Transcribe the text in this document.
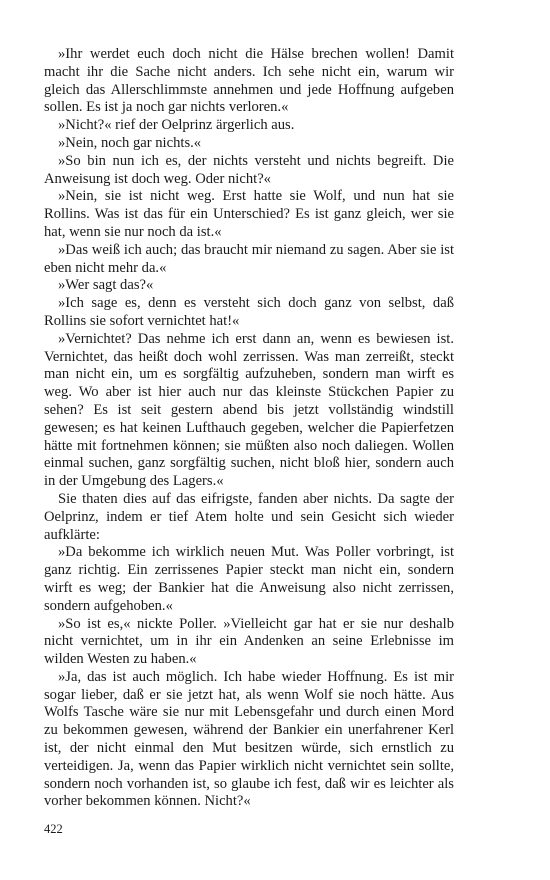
»Ihr werdet euch doch nicht die Hälse brechen wollen! Damit macht ihr die Sache nicht anders. Ich sehe nicht ein, warum wir gleich das Allerschlimmste annehmen und jede Hoffnung aufgeben sollen. Es ist ja noch gar nichts verloren.«

»Nicht?« rief der Oelprinz ärgerlich aus.

»Nein, noch gar nichts.«

»So bin nun ich es, der nichts versteht und nichts begreift. Die Anweisung ist doch weg. Oder nicht?«

»Nein, sie ist nicht weg. Erst hatte sie Wolf, und nun hat sie Rollins. Was ist das für ein Unterschied? Es ist ganz gleich, wer sie hat, wenn sie nur noch da ist.«

»Das weiß ich auch; das braucht mir niemand zu sagen. Aber sie ist eben nicht mehr da.«

»Wer sagt das?«

»Ich sage es, denn es versteht sich doch ganz von selbst, daß Rollins sie sofort vernichtet hat!«

»Vernichtet? Das nehme ich erst dann an, wenn es bewiesen ist. Vernichtet, das heißt doch wohl zerrissen. Was man zerreißt, steckt man nicht ein, um es sorgfältig aufzuheben, sondern man wirft es weg. Wo aber ist hier auch nur das kleinste Stückchen Papier zu sehen? Es ist seit gestern abend bis jetzt vollständig windstill gewesen; es hat keinen Lufthauch gegeben, welcher die Papierfetzen hätte mit fortnehmen können; sie müßten also noch daliegen. Wollen einmal suchen, ganz sorgfältig suchen, nicht bloß hier, sondern auch in der Umgebung des Lagers.«

Sie thaten dies auf das eifrigste, fanden aber nichts. Da sagte der Oelprinz, indem er tief Atem holte und sein Gesicht sich wieder aufklärte:

»Da bekomme ich wirklich neuen Mut. Was Poller vorbringt, ist ganz richtig. Ein zerrissenes Papier steckt man nicht ein, sondern wirft es weg; der Bankier hat die Anweisung also nicht zerrissen, sondern aufgehoben.«

»So ist es,« nickte Poller. »Vielleicht gar hat er sie nur deshalb nicht vernichtet, um in ihr ein Andenken an seine Erlebnisse im wilden Westen zu haben.«

»Ja, das ist auch möglich. Ich habe wieder Hoffnung. Es ist mir sogar lieber, daß er sie jetzt hat, als wenn Wolf sie noch hätte. Aus Wolfs Tasche wäre sie nur mit Lebensgefahr und durch einen Mord zu bekommen gewesen, während der Bankier ein unerfahrener Kerl ist, der nicht einmal den Mut besitzen würde, sich ernstlich zu verteidigen. Ja, wenn das Papier wirklich nicht vernichtet sein sollte, sondern noch vorhanden ist, so glaube ich fest, daß wir es leichter als vorher bekommen können. Nicht?«

422
